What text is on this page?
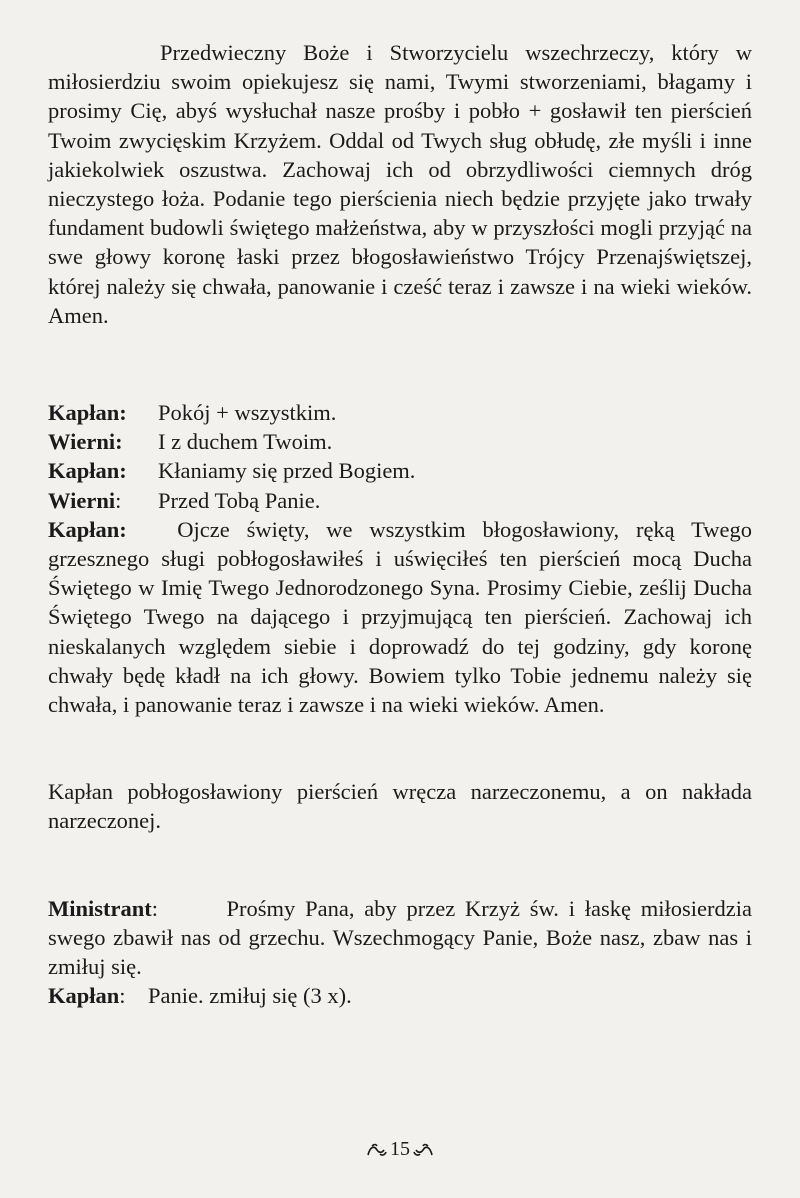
Przedwieczny Boże i Stworzycielu wszechrzeczy, który w miłosierdziu swoim opiekujesz się nami, Twymi stworzeniami, błagamy i prosimy Cię, abyś wysłuchał nasze prośby i pobło + gosławił ten pierścień Twoim zwycięskim Krzyżem. Oddal od Twych sług obłudę, złe myśli i inne jakiekolwiek oszustwa. Zachowaj ich od obrzydliwości ciemnych dróg nieczystego łoża. Podanie tego pierścienia niech będzie przyjęte jako trwały fundament budowli świętego małżeństwa, aby w przyszłości mogli przyjąć na swe głowy koronę łaski przez błogosławieństwo Trójcy Przenajświętszej, której należy się chwała, panowanie i cześć teraz i zawsze i na wieki wieków. Amen.

Kapłan:	Pokój + wszystkim.
Wierni:	I z duchem Twoim.
Kapłan:	Kłaniamy się przed Bogiem.
Wierni:	Przed Tobą Panie.

Kapłan: Ojcze święty, we wszystkim błogosławiony, ręką Twego grzesznego sługi pobłogosławiłeś i uświęciłeś ten pierścień mocą Ducha Świętego w Imię Twego Jednorodzonego Syna. Prosimy Ciebie, ześlij Ducha Świętego Twego na dającego i przyjmującą ten pierścień. Zachowaj ich nieskalanych względem siebie i doprowadź do tej godziny, gdy koronę chwały będę kładł na ich głowy. Bowiem tylko Tobie jednemu należy się chwała, i panowanie teraz i zawsze i na wieki wieków. Amen.

Kapłan pobłogosławiony pierścień wręcza narzeczonemu, a on nakłada narzeczonej.

Ministrant:	Prośmy Pana, aby przez Krzyż św. i łaskę miłosierdzia swego zbawił nas od grzechu. Wszechmogący Panie, Boże nasz, zbaw nas i zmiłuj się.

Kapłan :
Panie. zmiłuj się (3 x).
15
